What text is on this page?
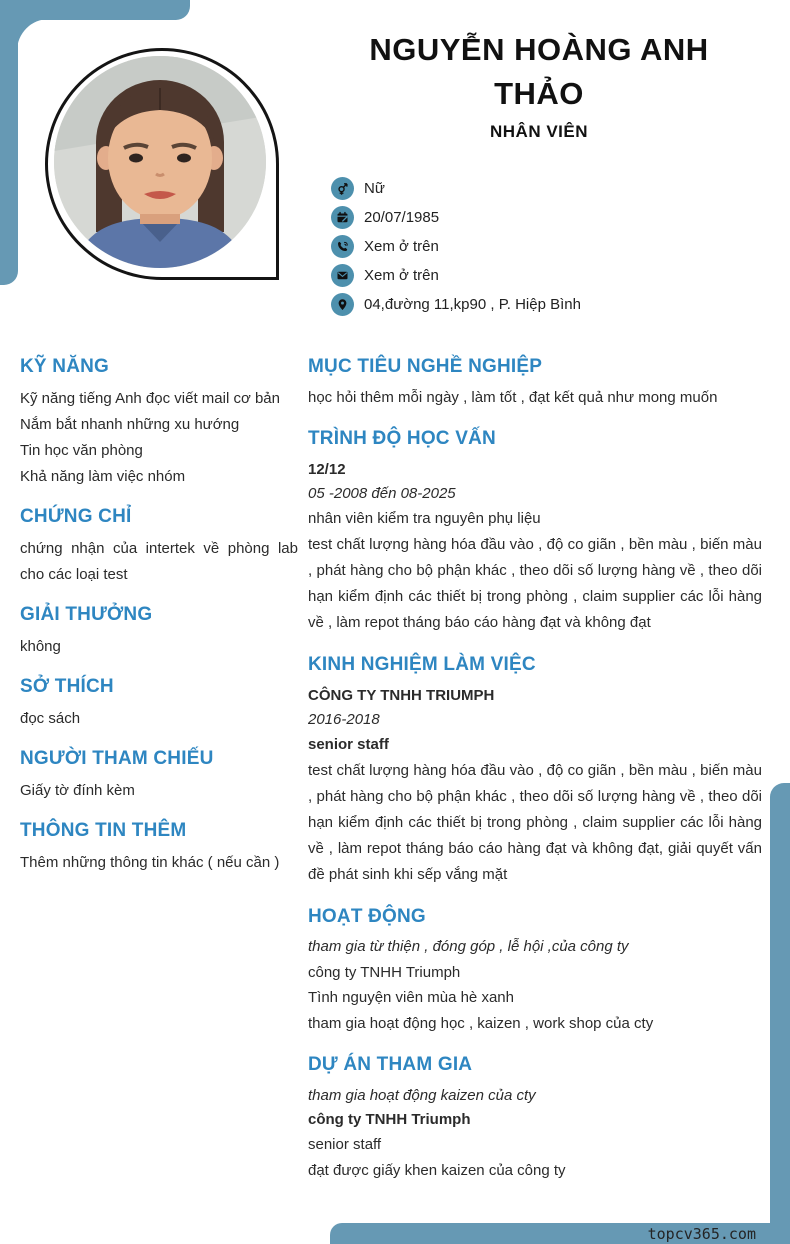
NGUYỄN HOÀNG ANH
THẢO
NHÂN VIÊN
Nữ
20/07/1985
Xem ở trên
Xem ở trên
04,đường 11,kp90 , P. Hiệp Bình
KỸ NĂNG
Kỹ năng tiếng Anh đọc viết mail cơ bản
Nắm bắt nhanh những xu hướng
Tin học văn phòng
Khả năng làm việc nhóm
CHỨNG CHỈ
chứng nhận của intertek về phòng lab cho các loại test
GIẢI THƯỞNG
không
SỞ THÍCH
đọc sách
NGƯỜI THAM CHIẾU
Giấy tờ đính kèm
THÔNG TIN THÊM
Thêm những thông tin khác ( nếu cần )
MỤC TIÊU NGHỀ NGHIỆP
học hỏi thêm mỗi ngày , làm tốt , đạt kết quả như mong muốn
TRÌNH ĐỘ HỌC VẤN
12/12
05 -2008 đến 08-2025
nhân viên kiểm tra nguyên phụ liệu
test chất lượng hàng hóa đầu vào , độ co giãn , bền màu , biến màu , phát hàng cho bộ phận khác , theo dõi số lượng hàng về , theo dõi hạn kiểm định các thiết bị trong phòng , claim supplier các lỗi hàng về , làm repot tháng báo cáo hàng đạt và không đạt
KINH NGHIỆM LÀM VIỆC
CÔNG TY TNHH TRIUMPH
2016-2018
senior staff
test chất lượng hàng hóa đầu vào , độ co giãn , bền màu , biến màu , phát hàng cho bộ phận khác , theo dõi số lượng hàng về , theo dõi hạn kiểm định các thiết bị trong phòng , claim supplier các lỗi hàng về , làm repot tháng báo cáo hàng đạt và không đạt, giải quyết vấn đề phát sinh khi sếp vắng mặt
HOẠT ĐỘNG
tham gia từ thiện , đóng góp , lễ hội ,của công ty
công ty TNHH Triumph
Tình nguyện viên mùa hè xanh
tham gia hoạt động học , kaizen , work shop của cty
DỰ ÁN THAM GIA
tham gia hoạt động kaizen của cty
công ty TNHH Triumph
senior staff
đạt được giấy khen kaizen của công ty
topcv365.com
